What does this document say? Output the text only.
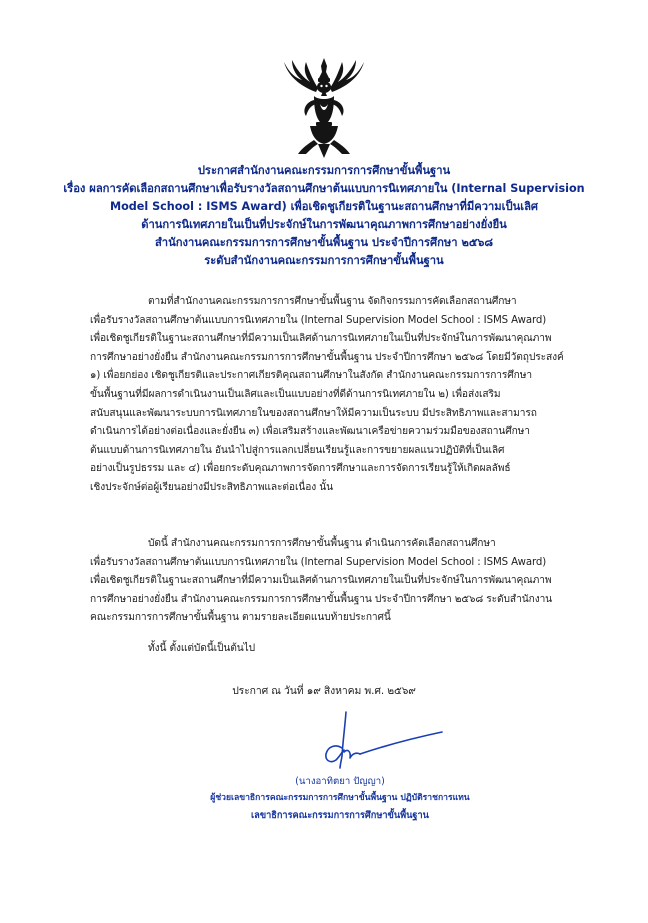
ประกาศสำนักงานคณะกรรมการการศึกษาขั้นพื้นฐาน
เรื่อง ผลการคัดเลือกสถานศึกษาเพื่อรับรางวัลสถานศึกษาต้นแบบการนิเทศภายใน (Internal Supervision
Model School : ISMS Award) เพื่อเชิดชูเกียรติในฐานะสถานศึกษาที่มีความเป็นเลิศ
ด้านการนิเทศภายในเป็นที่ประจักษ์ในการพัฒนาคุณภาพการศึกษาอย่างยั่งยืน
สำนักงานคณะกรรมการการศึกษาขั้นพื้นฐาน ประจำปีการศึกษา ๒๕๖๘
ระดับสำนักงานคณะกรรมการการศึกษาขั้นพื้นฐาน
ตามที่สำนักงานคณะกรรมการการศึกษาขั้นพื้นฐาน จัดกิจกรรมการคัดเลือกสถานศึกษา
เพื่อรับรางวัลสถานศึกษาต้นแบบการนิเทศภายใน (Internal Supervision Model School : ISMS Award)
เพื่อเชิดชูเกียรติในฐานะสถานศึกษาที่มีความเป็นเลิศด้านการนิเทศภายในเป็นที่ประจักษ์ในการพัฒนาคุณภาพ
การศึกษาอย่างยั่งยืน สำนักงานคณะกรรมการการศึกษาขั้นพื้นฐาน ประจำปีการศึกษา ๒๕๖๘ โดยมีวัตถุประสงค์
๑) เพื่อยกย่อง เชิดชูเกียรติและประกาศเกียรติคุณสถานศึกษาในสังกัด สำนักงานคณะกรรมการการศึกษา
ขั้นพื้นฐานที่มีผลการดำเนินงานเป็นเลิศและเป็นแบบอย่างที่ดีด้านการนิเทศภายใน ๒) เพื่อส่งเสริม
สนับสนุนและพัฒนาระบบการนิเทศภายในของสถานศึกษาให้มีความเป็นระบบ มีประสิทธิภาพและสามารถ
ดำเนินการได้อย่างต่อเนื่องและยั่งยืน ๓) เพื่อเสริมสร้างและพัฒนาเครือข่ายความร่วมมือของสถานศึกษา
ต้นแบบด้านการนิเทศภายใน อันนำไปสู่การแลกเปลี่ยนเรียนรู้และการขยายผลแนวปฏิบัติที่เป็นเลิศ
อย่างเป็นรูปธรรม และ ๔) เพื่อยกระดับคุณภาพการจัดการศึกษาและการจัดการเรียนรู้ให้เกิดผลลัพธ์
เชิงประจักษ์ต่อผู้เรียนอย่างมีประสิทธิภาพและต่อเนื่อง นั้น
บัดนี้ สำนักงานคณะกรรมการการศึกษาขั้นพื้นฐาน ดำเนินการคัดเลือกสถานศึกษา
เพื่อรับรางวัลสถานศึกษาต้นแบบการนิเทศภายใน (Internal Supervision Model School : ISMS Award)
เพื่อเชิดชูเกียรติในฐานะสถานศึกษาที่มีความเป็นเลิศด้านการนิเทศภายในเป็นที่ประจักษ์ในการพัฒนาคุณภาพ
การศึกษาอย่างยั่งยืน สำนักงานคณะกรรมการการศึกษาขั้นพื้นฐาน ประจำปีการศึกษา ๒๕๖๘ ระดับสำนักงาน
คณะกรรมการการศึกษาขั้นพื้นฐาน ตามรายละเอียดแนบท้ายประกาศนี้
ทั้งนี้ ตั้งแต่บัดนี้เป็นต้นไป
ประกาศ ณ วันที่ ๑๙ สิงหาคม พ.ศ. ๒๕๖๙
(นางอาทิตยา ปัญญา)
ผู้ช่วยเลขาธิการคณะกรรมการการศึกษาขั้นพื้นฐาน ปฏิบัติราชการแทน
เลขาธิการคณะกรรมการการศึกษาขั้นพื้นฐาน
